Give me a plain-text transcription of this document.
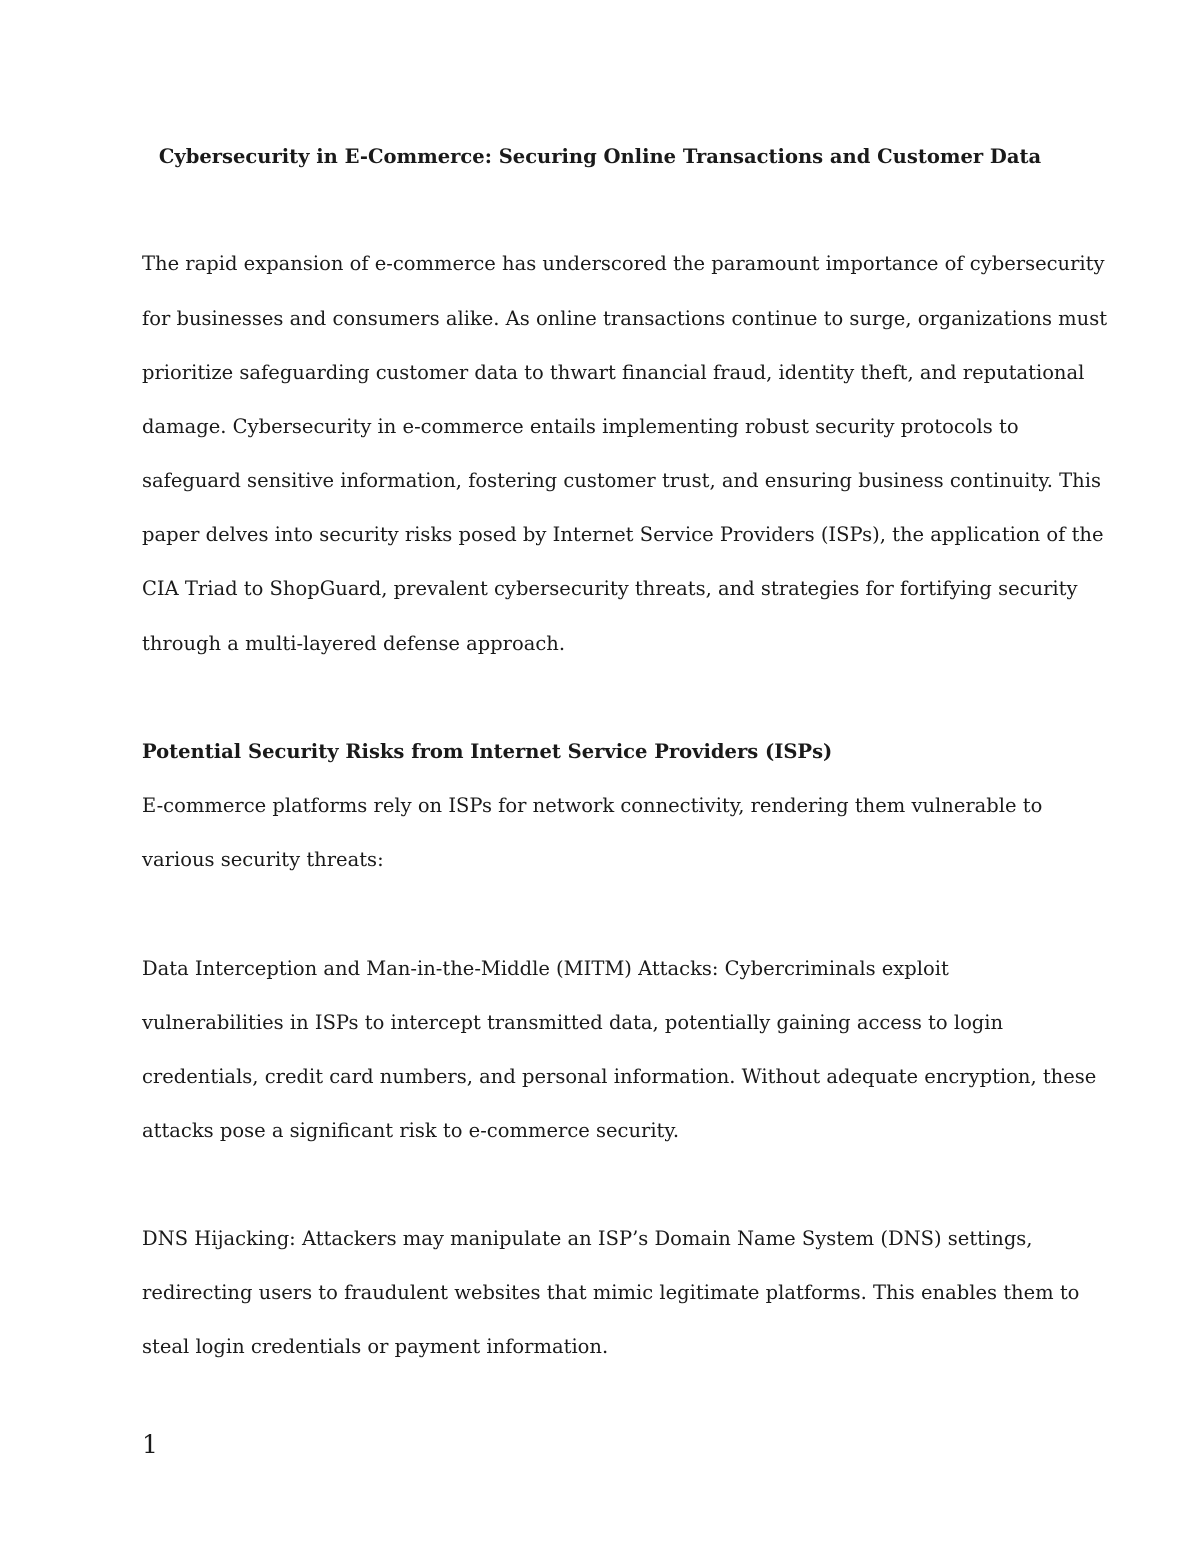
Cybersecurity in E-Commerce: Securing Online Transactions and Customer Data
The rapid expansion of e-commerce has underscored the paramount importance of cybersecurity
for businesses and consumers alike. As online transactions continue to surge, organizations must
prioritize safeguarding customer data to thwart financial fraud, identity theft, and reputational
damage. Cybersecurity in e-commerce entails implementing robust security protocols to
safeguard sensitive information, fostering customer trust, and ensuring business continuity. This
paper delves into security risks posed by Internet Service Providers (ISPs), the application of the
CIA Triad to ShopGuard, prevalent cybersecurity threats, and strategies for fortifying security
through a multi-layered defense approach.
Potential Security Risks from Internet Service Providers (ISPs)
E-commerce platforms rely on ISPs for network connectivity, rendering them vulnerable to
various security threats:
Data Interception and Man-in-the-Middle (MITM) Attacks: Cybercriminals exploit
vulnerabilities in ISPs to intercept transmitted data, potentially gaining access to login
credentials, credit card numbers, and personal information. Without adequate encryption, these
attacks pose a significant risk to e-commerce security.
DNS Hijacking: Attackers may manipulate an ISP’s Domain Name System (DNS) settings,
redirecting users to fraudulent websites that mimic legitimate platforms. This enables them to
steal login credentials or payment information.
1
